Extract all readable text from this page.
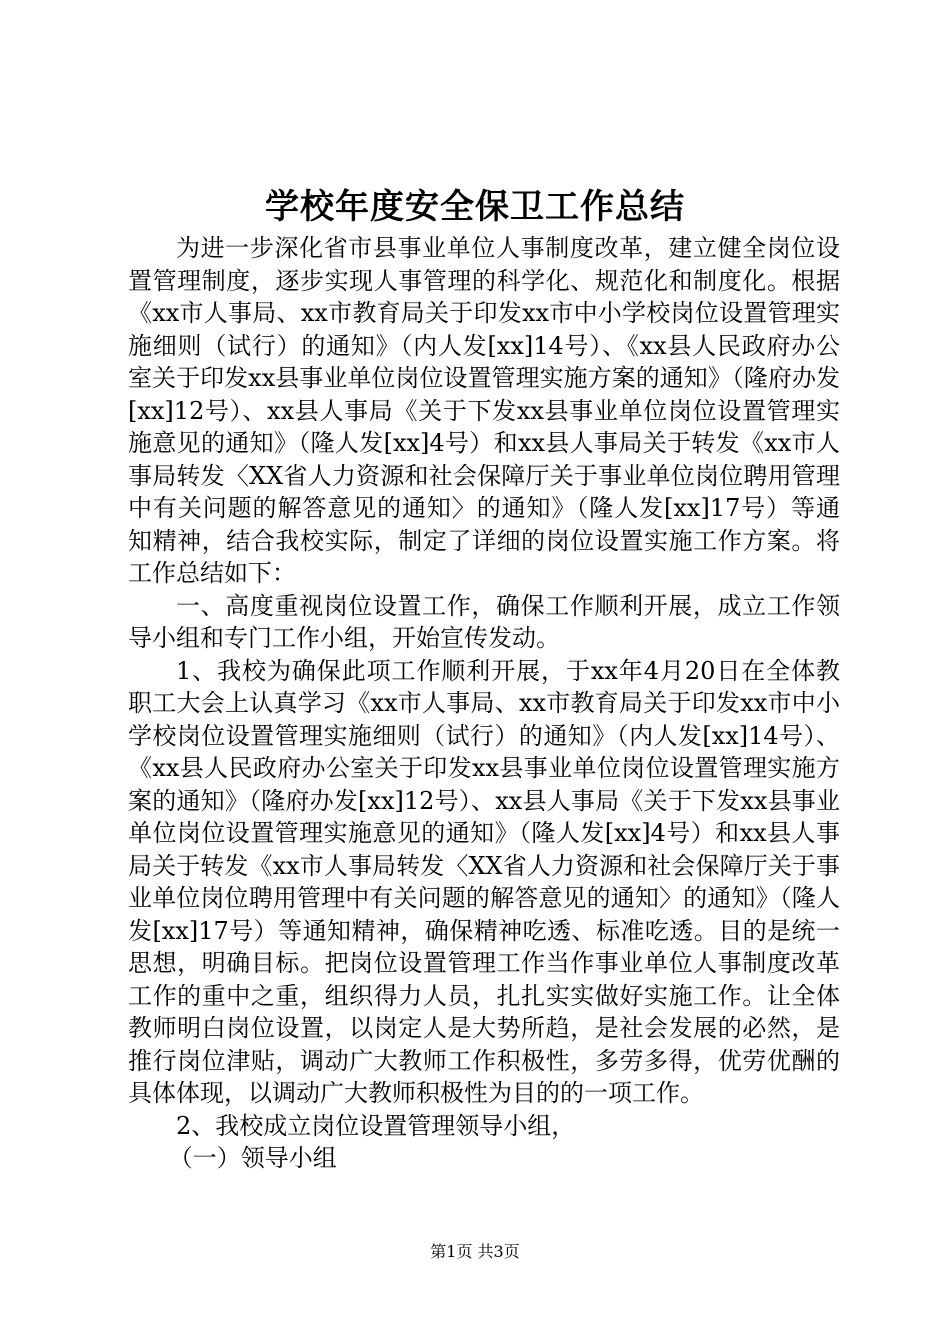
学校年度安全保卫工作总结

为进一步深化省市县事业单位人事制度改革，建立健全岗位设置管理制度，逐步实现人事管理的科学化、规范化和制度化。根据《xx市人事局、xx市教育局关于印发xx市中小学校岗位设置管理实施细则（试行）的通知》（内人发[xx]14号）、《xx县人民政府办公室关于印发xx县事业单位岗位设置管理实施方案的通知》（隆府办发[xx]12号）、xx县人事局《关于下发xx县事业单位岗位设置管理实施意见的通知》（隆人发[xx]4号）和xx县人事局关于转发《xx市人事局转发〈XX省人力资源和社会保障厅关于事业单位岗位聘用管理中有关问题的解答意见的通知〉的通知》（隆人发[xx]17号）等通知精神，结合我校实际，制定了详细的岗位设置实施工作方案。将工作总结如下：

一、高度重视岗位设置工作，确保工作顺利开展，成立工作领导小组和专门工作小组，开始宣传发动。

1、我校为确保此项工作顺利开展，于xx年4月20日在全体教职工大会上认真学习《xx市人事局、xx市教育局关于印发xx市中小学校岗位设置管理实施细则（试行）的通知》（内人发[xx]14号）、《xx县人民政府办公室关于印发xx县事业单位岗位设置管理实施方案的通知》（隆府办发[xx]12号）、xx县人事局《关于下发xx县事业单位岗位设置管理实施意见的通知》（隆人发[xx]4号）和xx县人事局关于转发《xx市人事局转发〈XX省人力资源和社会保障厅关于事业单位岗位聘用管理中有关问题的解答意见的通知〉的通知》（隆人发[xx]17号）等通知精神，确保精神吃透、标准吃透。目的是统一思想，明确目标。把岗位设置管理工作当作事业单位人事制度改革工作的重中之重，组织得力人员，扎扎实实做好实施工作。让全体教师明白岗位设置，以岗定人是大势所趋，是社会发展的必然，是推行岗位津贴，调动广大教师工作积极性，多劳多得，优劳优酬的具体体现，以调动广大教师积极性为目的的一项工作。

2、我校成立岗位设置管理领导小组，

（一）领导小组

第1页 共3页
